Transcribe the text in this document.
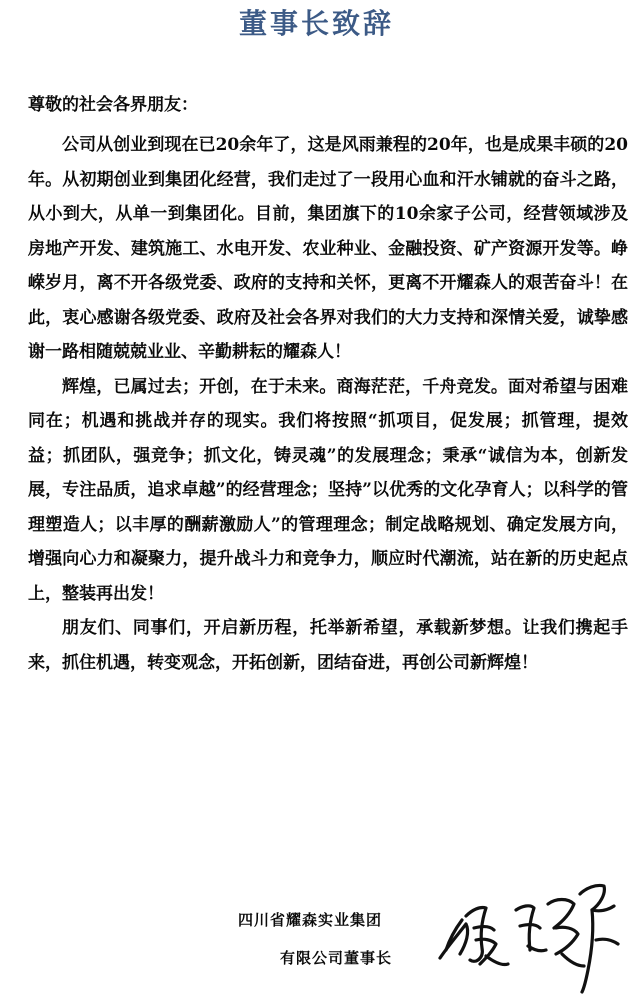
董事长致辞
尊敬的社会各界朋友：

公司从创业到现在已20余年了，这是风雨兼程的20年，也是成果丰硕的20年。从初期创业到集团化经营，我们走过了一段用心血和汗水铺就的奋斗之路，从小到大，从单一到集团化。目前，集团旗下的10余家子公司，经营领域涉及房地产开发、建筑施工、水电开发、农业种业、金融投资、矿产资源开发等。峥嵘岁月，离不开各级党委、政府的支持和关怀，更离不开耀森人的艰苦奋斗！在此，衷心感谢各级党委、政府及社会各界对我们的大力支持和深情关爱，诚挚感谢一路相随兢兢业业、辛勤耕耘的耀森人！

辉煌，已属过去；开创，在于未来。商海茫茫，千舟竞发。面对希望与困难同在；机遇和挑战并存的现实。我们将按照“抓项目，促发展；抓管理，提效益；抓团队，强竞争；抓文化，铸灵魂”的发展理念；秉承“诚信为本，创新发展，专注品质，追求卓越”的经营理念；坚持”以优秀的文化孕育人；以科学的管理塑造人；以丰厚的酬薪激励人”的管理理念；制定战略规划、确定发展方向，增强向心力和凝聚力，提升战斗力和竞争力，顺应时代潮流，站在新的历史起点上，整装再出发！

朋友们、同事们，开启新历程，托举新希望，承载新梦想。让我们携起手来，抓住机遇，转变观念，开拓创新，团结奋进，再创公司新辉煌！

四川省耀森实业集团
有限公司董事长
